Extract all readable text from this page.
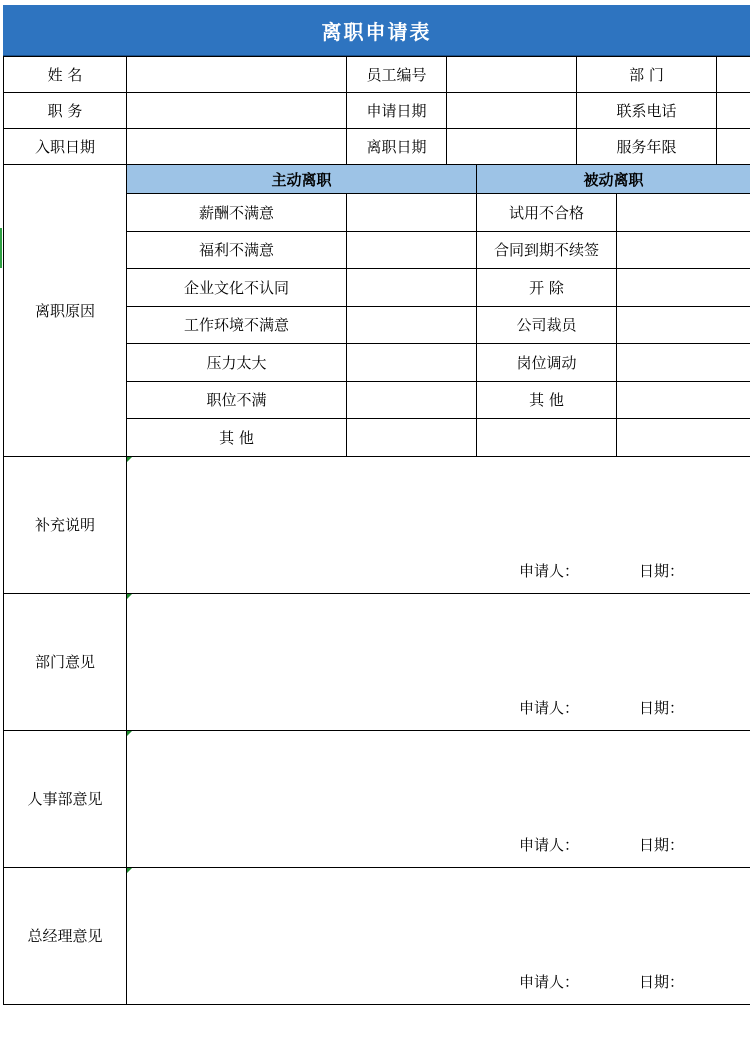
离职申请表
姓 名		员工编号		部 门	
职 务		申请日期		联系电话	
入职日期		离职日期		服务年限	
离职原因	主动离职		被动离职	
	薪酬不满意		试用不合格	
	福利不满意		合同到期不续签	
	企业文化不认同		开 除	
	工作环境不满意		公司裁员	
	压力太大		岗位调动	
	职位不满		其 他	
	其 他			
补充说明	申请人： 日期：

部门意见	申请人： 日期：

人事部意见	申请人： 日期：

总经理意见	申请人： 日期：
